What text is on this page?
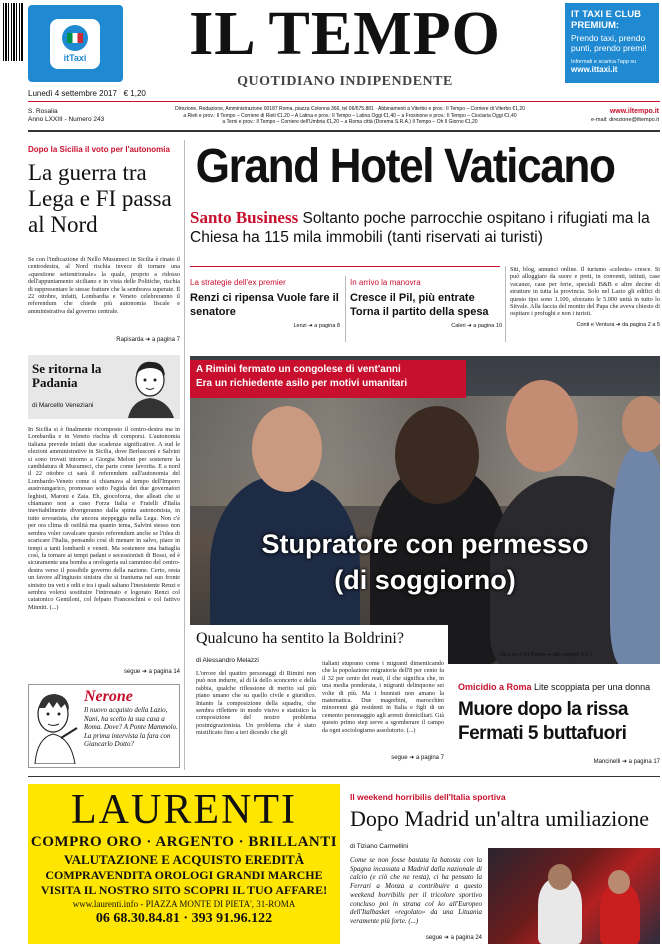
itTaxi	IL TEMPO
QUOTIDIANO INDIPENDENTE
IT TAXI E CLUB PREMIUM:
Prendo taxi, prendo punti, prendo premi!
Informati e scarica l'app su
www.ittaxi.it
Lunedì 4 settembre 2017 € 1,20
S. Rosalia
Anno LXXIII - Numero 243
Direzione, Redazione, Amministrazione 00187 Roma, piazza Colonna 366, tel 06/675.881 · Abbinamenti a Viterbo e prov.: Il Tempo – Corriere di Viterbo €1,20
a Rieti e prov.: Il Tempo – Corriere di Rieti €1,20 – A Latina e prov.: Il Tempo – Latina Oggi €1,40 – a Frosinone e prov.: Il Tempo – Ciociaria Oggi €1,40
a Terni e prov.: Il Tempo – Corriere dell'Umbria €1,20 – a Roma città (Dorema S.R.A.) Il Tempo – Oh Il Giorno €1,20
www.iltempo.it
e-mail: direzione@iltempo.it
Dopo la Sicilia il voto per l'autonomia
La guerra tra Lega e FI passa al Nord
Se con l'indicazione di Nello Musumeci in Sicilia è rinato il centrodestra, al Nord rischia invece di tornare una «questione settentrionale» la quale, proprio a ridosso dell'appuntamento siciliano e in vista delle Politiche, rischia di rappresentare le stesse fratture che la sembrava superate. Il 22 ottobre, infatti, Lombardia e Veneto celebreranno il referendum che chiede più autonomia fiscale e amministrativa dal governo centrale.
Rapisarda ➜ a pagina 7
Se ritorna la Padania
di Marcello Veneziani
In Sicilia si è finalmente ricomposto il centro-destra ma in Lombardia e in Veneto rischia di comporsi. L'autonomia italiana prevede infatti due scadenze significative. A sud le elezioni amministrative in Sicilia, dove Berlusconi e Salvini si sono trovati intorno a Giorgia Meloni per sostenere la candidatura di Musumeci, che parte come favorita. E a nord il 22 ottobre ci sarà il referendum sull'autonomia del Lombardo-Veneto come si chiamava al tempo dell'Impero austroungarico, promosso sotto l'egida dei due governatori leghisti, Maroni e Zaia. Eh, giocoforza, due alleati che si chiamano non a caso Forza Italia e Fratelli d'Italia inevitabilmente divergeranno dalla spinta autonomista, in tutto sovranista, che ancora steppeggia nella Lega. Non c'è per ora clima di ostilità ma quanto tema, Salvini stesso non sembra voler cavalcare questo referendum anche se l'idea di scaricare l'Italia, pensando così di menare in salvo, piace in tempi a tanti lombardi e veneti. Ma sostenere una battaglia così, fa tornare ai tempi padani e secessionisti di Bossi, ed è sicuramente una bomba a orologeria sul cammino del centro-destra verso il possibile governo della nazione. Certo, resta un favore all'ingiusto sinistra che si frantuma nel suo fronte sinistro tra veti e odii e tra i quali saltano l'inesistente Renzi e sembra volersi sostituire l'intronato e logorato Renzi col catatonico Gentiloni, col felpato Franceschini e col fattivo Minniti. (...)
segue ➜ a pagina 14
Nerone
Il nuovo acquisto della Lazio, Nani, ha scelto la sua casa a Roma. Dove? A Ponte Mammolo. La prima intervista la fara con Giancarlo Dotto?
Grand Hotel Vaticano
Santo Business Soltanto poche parrocchie ospitano i rifugiati ma la Chiesa ha 115 mila immobili (tanti riservati ai turisti)
La strategie dell'ex premier
Renzi ci ripensa Vuole fare il senatore
Lenzi ➜ a pagina 8
In arrivo la manovra
Cresce il Pil, più entrate Torna il partito della spesa
Caleri ➜ a pagina 10
Siti, blog, annunci online. Il turismo «celeste» cresce. Si può alloggiare da suore e preti, in conventi, istituti, case vacanze, case per ferie, speciali B&B e altre decine di strutture in tutta la provincia. Solo nel Lazio gli edifici di questo tipo sono 1.100, sforzano le 5.000 unità in tutto lo Stivale. Alla faccia del monito del Papa che aveva chiesto di ospitare i profughi e non i turisti.
Conti e Ventura ➜ da pagina 2 a 5
A Rimini fermato un congolese di vent'anni
Era un richiedente asilo per motivi umanitari
Stupratore con permesso
(di soggiorno)
Qualcuno ha sentito la Boldrini?
di Alessandro Melazzi
L'orrore del quattro personaggi di Rimini non può non indurre, al di là dello sconcerto e della rabbia, qualche riflessione di merito sul più piano umano che su quello civile e giuridico. Intanto la composizione della squadra, che sembra riflettere in modo visivo e statistico la composizione del nostro problema postmigrazionista. Un problema che è stato mistificato fino a ieri dicendo che gli
italiani stuprano come i migranti dimenticando che la popolazione migratoria dell'8 per cento fa il 32 per cento dei reati, il che significa che, in una media ponderata, i migranti delinquono sei volte di più. Ma i buonisti non amano la matematica. Due magrebini, marocchini minorenni già residenti in Italia e figli di un cemento personaggio agli arresti domiciliari. Già questo primo step serve a sgomberare il campo da ogni sociologismo assolutorio. (...)
segue ➜ a pagina 7
De Leo e Di Pietro ➜ alle pagine 6 e 7
Omicidio a Roma Lite scoppiata per una donna
Muore dopo la rissa Fermati 5 buttafuori
Mancinelli ➜ a pagina 17
LAURENTI
COMPRO ORO · ARGENTO · BRILLANTI
VALUTAZIONE E ACQUISTO EREDITÀ
COMPRAVENDITA OROLOGI GRANDI MARCHE
VISITA IL NOSTRO SITO SCOPRI IL TUO AFFARE!
www.laurenti.info - PIAZZA MONTE DI PIETA', 31-ROMA
06 68.30.84.81 · 393 91.96.122
Il weekend horribilis dell'Italia sportiva
Dopo Madrid un'altra umiliazione
di Tiziano Carmellini
Come se non fosse bastata la batosta con la Spagna incassata a Madrid dalla nazionale di calcio (e ciò che ne resta), ci ha pensato la Ferrari a Monza a contribuire a questo weekend horribilis per il tricolore sportivo concluso poi in strana col ko all'Europeo dell'Italbasket «regolato» da una Lituania veramente più forte. (...)
segue ➜ a pagina 24
